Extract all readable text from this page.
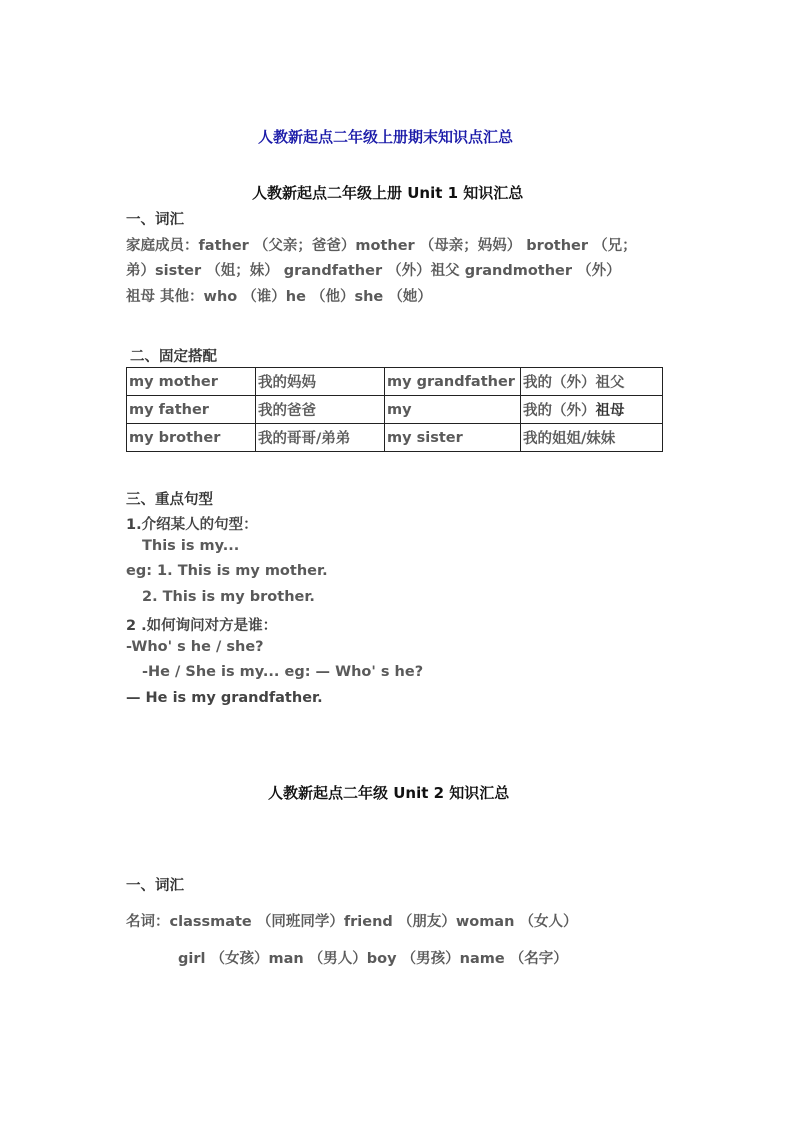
人教新起点二年级上册期末知识点汇总
人教新起点二年级上册 Unit 1 知识汇总
一、词汇
家庭成员：father （父亲；爸爸）mother （母亲；妈妈） brother （兄；
弟）sister （姐；妹） grandfather （外）祖父 grandmother （外）
祖母 其他：who （谁）he （他）she （她）
二、固定搭配
my mother	我的妈妈	my grandfather	我的（外）祖父
my father	我的爸爸	my	我的（外）祖母
my brother	我的哥哥/弟弟	my sister	我的姐姐/妹妹
三、重点句型
1.介绍某人的句型：
This is my...
eg: 1. This is my mother.
2. This is my brother.
2 .如何询问对方是谁：
-Who' s he / she?
-He / She is my... eg: — Who' s he?
— He is my grandfather.
人教新起点二年级 Unit 2 知识汇总
一、词汇
名词：classmate （同班同学）friend （朋友）woman （女人）
girl （女孩）man （男人）boy （男孩）name （名字）
